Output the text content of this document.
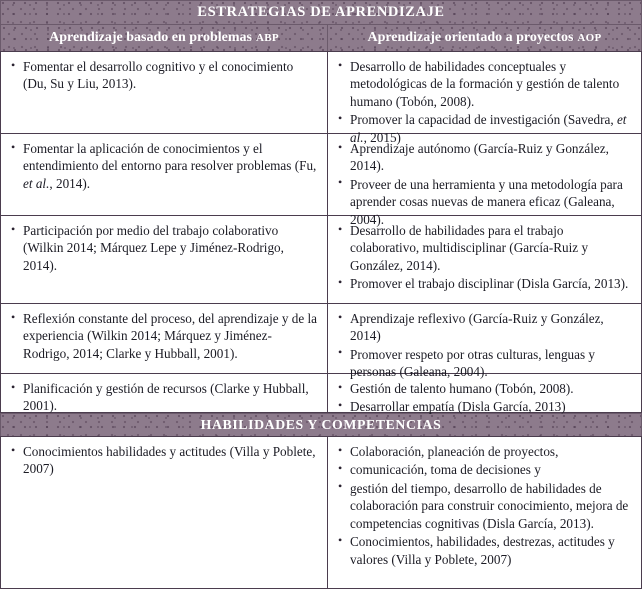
ESTRATEGIAS DE APRENDIZAJE
Aprendizaje basado en problemas ABP	Aprendizaje orientado a proyectos AOP
• Fomentar el desarrollo cognitivo y el conocimiento (Du, Su y Liu, 2013).
• Desarrollo de habilidades conceptuales y metodológicas de la formación y gestión de talento humano (Tobón, 2008).
• Promover la capacidad de investigación (Savedra, et al., 2015)
• Fomentar la aplicación de conocimientos y el entendimiento del entorno para resolver problemas (Fu, et al., 2014).
• Aprendizaje autónomo (García-Ruiz y González, 2014).
• Proveer de una herramienta y una metodología para aprender cosas nuevas de manera eficaz (Galeana, 2004).
• Participación por medio del trabajo colaborativo (Wilkin 2014; Márquez Lepe y Jiménez-Rodrigo, 2014).
• Desarrollo de habilidades para el trabajo colaborativo, multidisciplinar (García-Ruiz y González, 2014).
• Promover el trabajo disciplinar (Disla García, 2013).
• Reflexión constante del proceso, del aprendizaje y de la experiencia (Wilkin 2014; Márquez y Jiménez-Rodrigo, 2014; Clarke y Hubball, 2001).
• Aprendizaje reflexivo (García-Ruiz y González, 2014)
• Promover respeto por otras culturas, lenguas y personas (Galeana, 2004).
• Planificación y gestión de recursos (Clarke y Hubball, 2001).
• Gestión de talento humano (Tobón, 2008).
• Desarrollar empatía (Disla García, 2013)
HABILIDADES Y COMPETENCIAS
• Conocimientos habilidades y actitudes (Villa y Poblete, 2007)
• Colaboración, planeación de proyectos,
• comunicación, toma de decisiones y
• gestión del tiempo, desarrollo de habilidades de colaboración para construir conocimiento, mejora de competencias cognitivas (Disla García, 2013).
• Conocimientos, habilidades, destrezas, actitudes y valores (Villa y Poblete, 2007)
